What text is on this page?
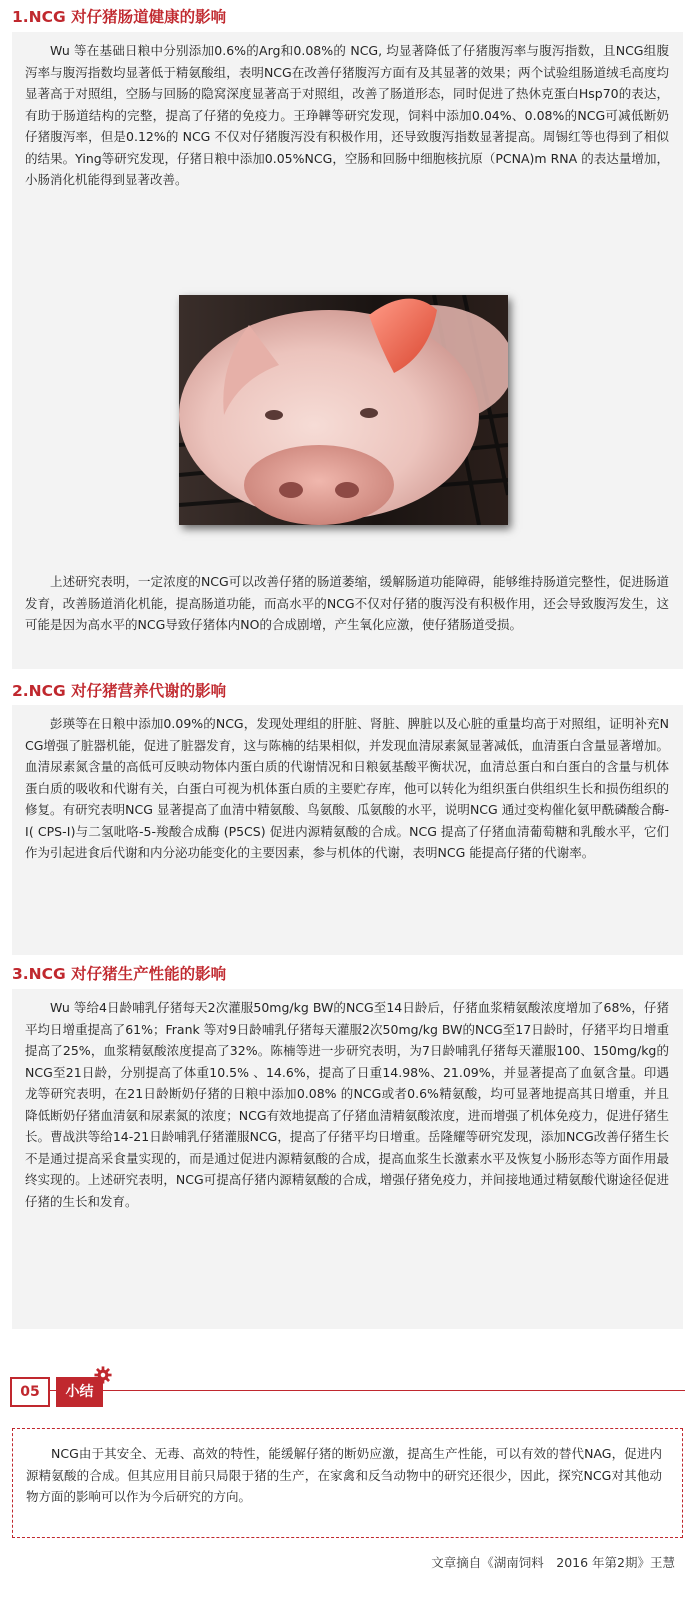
1.NCG 对仔猪肠道健康的影响

Wu 等在基础日粮中分别添加0.6%的Arg和0.08%的 NCG, 均显著降低了仔猪腹泻率与腹泻指数，且NCG组腹泻率与腹泻指数均显著低于精氨酸组，表明NCG在改善仔猪腹泻方面有及其显著的效果；两个试验组肠道绒毛高度均显著高于对照组，空肠与回肠的隐窝深度显著高于对照组，改善了肠道形态，同时促进了热休克蛋白Hsp70的表达，有助于肠道结构的完整，提高了仔猪的免疫力。王琤韡等研究发现，饲料中添加0.04%、0.08%的NCG可减低断奶仔猪腹泻率，但是0.12%的 NCG 不仅对仔猪腹泻没有积极作用，还导致腹泻指数显著提高。周锡红等也得到了相似的结果。Ying等研究发现，仔猪日粮中添加0.05%NCG，空肠和回肠中细胞核抗原（PCNA)m RNA 的表达量增加，小肠消化机能得到显著改善。

上述研究表明，一定浓度的NCG可以改善仔猪的肠道萎缩，缓解肠道功能障碍，能够维持肠道完整性，促进肠道发育，改善肠道消化机能，提高肠道功能，而高水平的NCG不仅对仔猪的腹泻没有积极作用，还会导致腹泻发生，这可能是因为高水平的NCG导致仔猪体内NO的合成剧增，产生氧化应激，使仔猪肠道受损。

2.NCG 对仔猪营养代谢的影响

彭瑛等在日粮中添加0.09%的NCG，发现处理组的肝脏、肾脏、脾脏以及心脏的重量均高于对照组，证明补充NCG增强了脏器机能，促进了脏器发育，这与陈楠的结果相似，并发现血清尿素氮显著减低，血清蛋白含量显著增加。血清尿素氮含量的高低可反映动物体内蛋白质的代谢情况和日粮氨基酸平衡状况，血清总蛋白和白蛋白的含量与机体蛋白质的吸收和代谢有关，白蛋白可视为机体蛋白质的主要贮存库，他可以转化为组织蛋白供组织生长和损伤组织的修复。有研究表明NCG 显著提高了血清中精氨酸、鸟氨酸、瓜氨酸的水平，说明NCG 通过变构催化氨甲酰磷酸合酶-Ⅰ( CPS-Ⅰ)与二氢吡咯-5-羧酸合成酶 (P5CS) 促进内源精氨酸的合成。NCG 提高了仔猪血清葡萄糖和乳酸水平，它们作为引起进食后代谢和内分泌功能变化的主要因素，参与机体的代谢，表明NCG 能提高仔猪的代谢率。

3.NCG 对仔猪生产性能的影响

Wu 等给4日龄哺乳仔猪每天2次灌服50mg/kg BW的NCG至14日龄后，仔猪血浆精氨酸浓度增加了68%，仔猪平均日增重提高了61%；Frank 等对9日龄哺乳仔猪每天灌服2次50mg/kg BW的NCG至17日龄时，仔猪平均日增重提高了25%，血浆精氨酸浓度提高了32%。陈楠等进一步研究表明，为7日龄哺乳仔猪每天灌服100、150mg/kg的NCG至21日龄，分别提高了体重10.5% 、14.6%，提高了日重14.98%、21.09%，并显著提高了血氨含量。印遇龙等研究表明，在21日龄断奶仔猪的日粮中添加0.08% 的NCG或者0.6%精氨酸，均可显著地提高其日增重，并且降低断奶仔猪血清氨和尿素氮的浓度；NCG有效地提高了仔猪血清精氨酸浓度，进而增强了机体免疫力，促进仔猪生长。曹战洪等给14-21日龄哺乳仔猪灌服NCG，提高了仔猪平均日增重。岳隆耀等研究发现，添加NCG改善仔猪生长不是通过提高采食量实现的，而是通过促进内源精氨酸的合成，提高血浆生长激素水平及恢复小肠形态等方面作用最终实现的。上述研究表明，NCG可提高仔猪内源精氨酸的合成，增强仔猪免疫力，并间接地通过精氨酸代谢途径促进仔猪的生长和发育。

05	小结

NCG由于其安全、无毒、高效的特性，能缓解仔猪的断奶应激，提高生产性能，可以有效的替代NAG，促进内源精氨酸的合成。但其应用目前只局限于猪的生产，在家禽和反刍动物中的研究还很少，因此，探究NCG对其他动物方面的影响可以作为今后研究的方向。

文章摘自《湖南饲料　2016 年第2期》王慧
